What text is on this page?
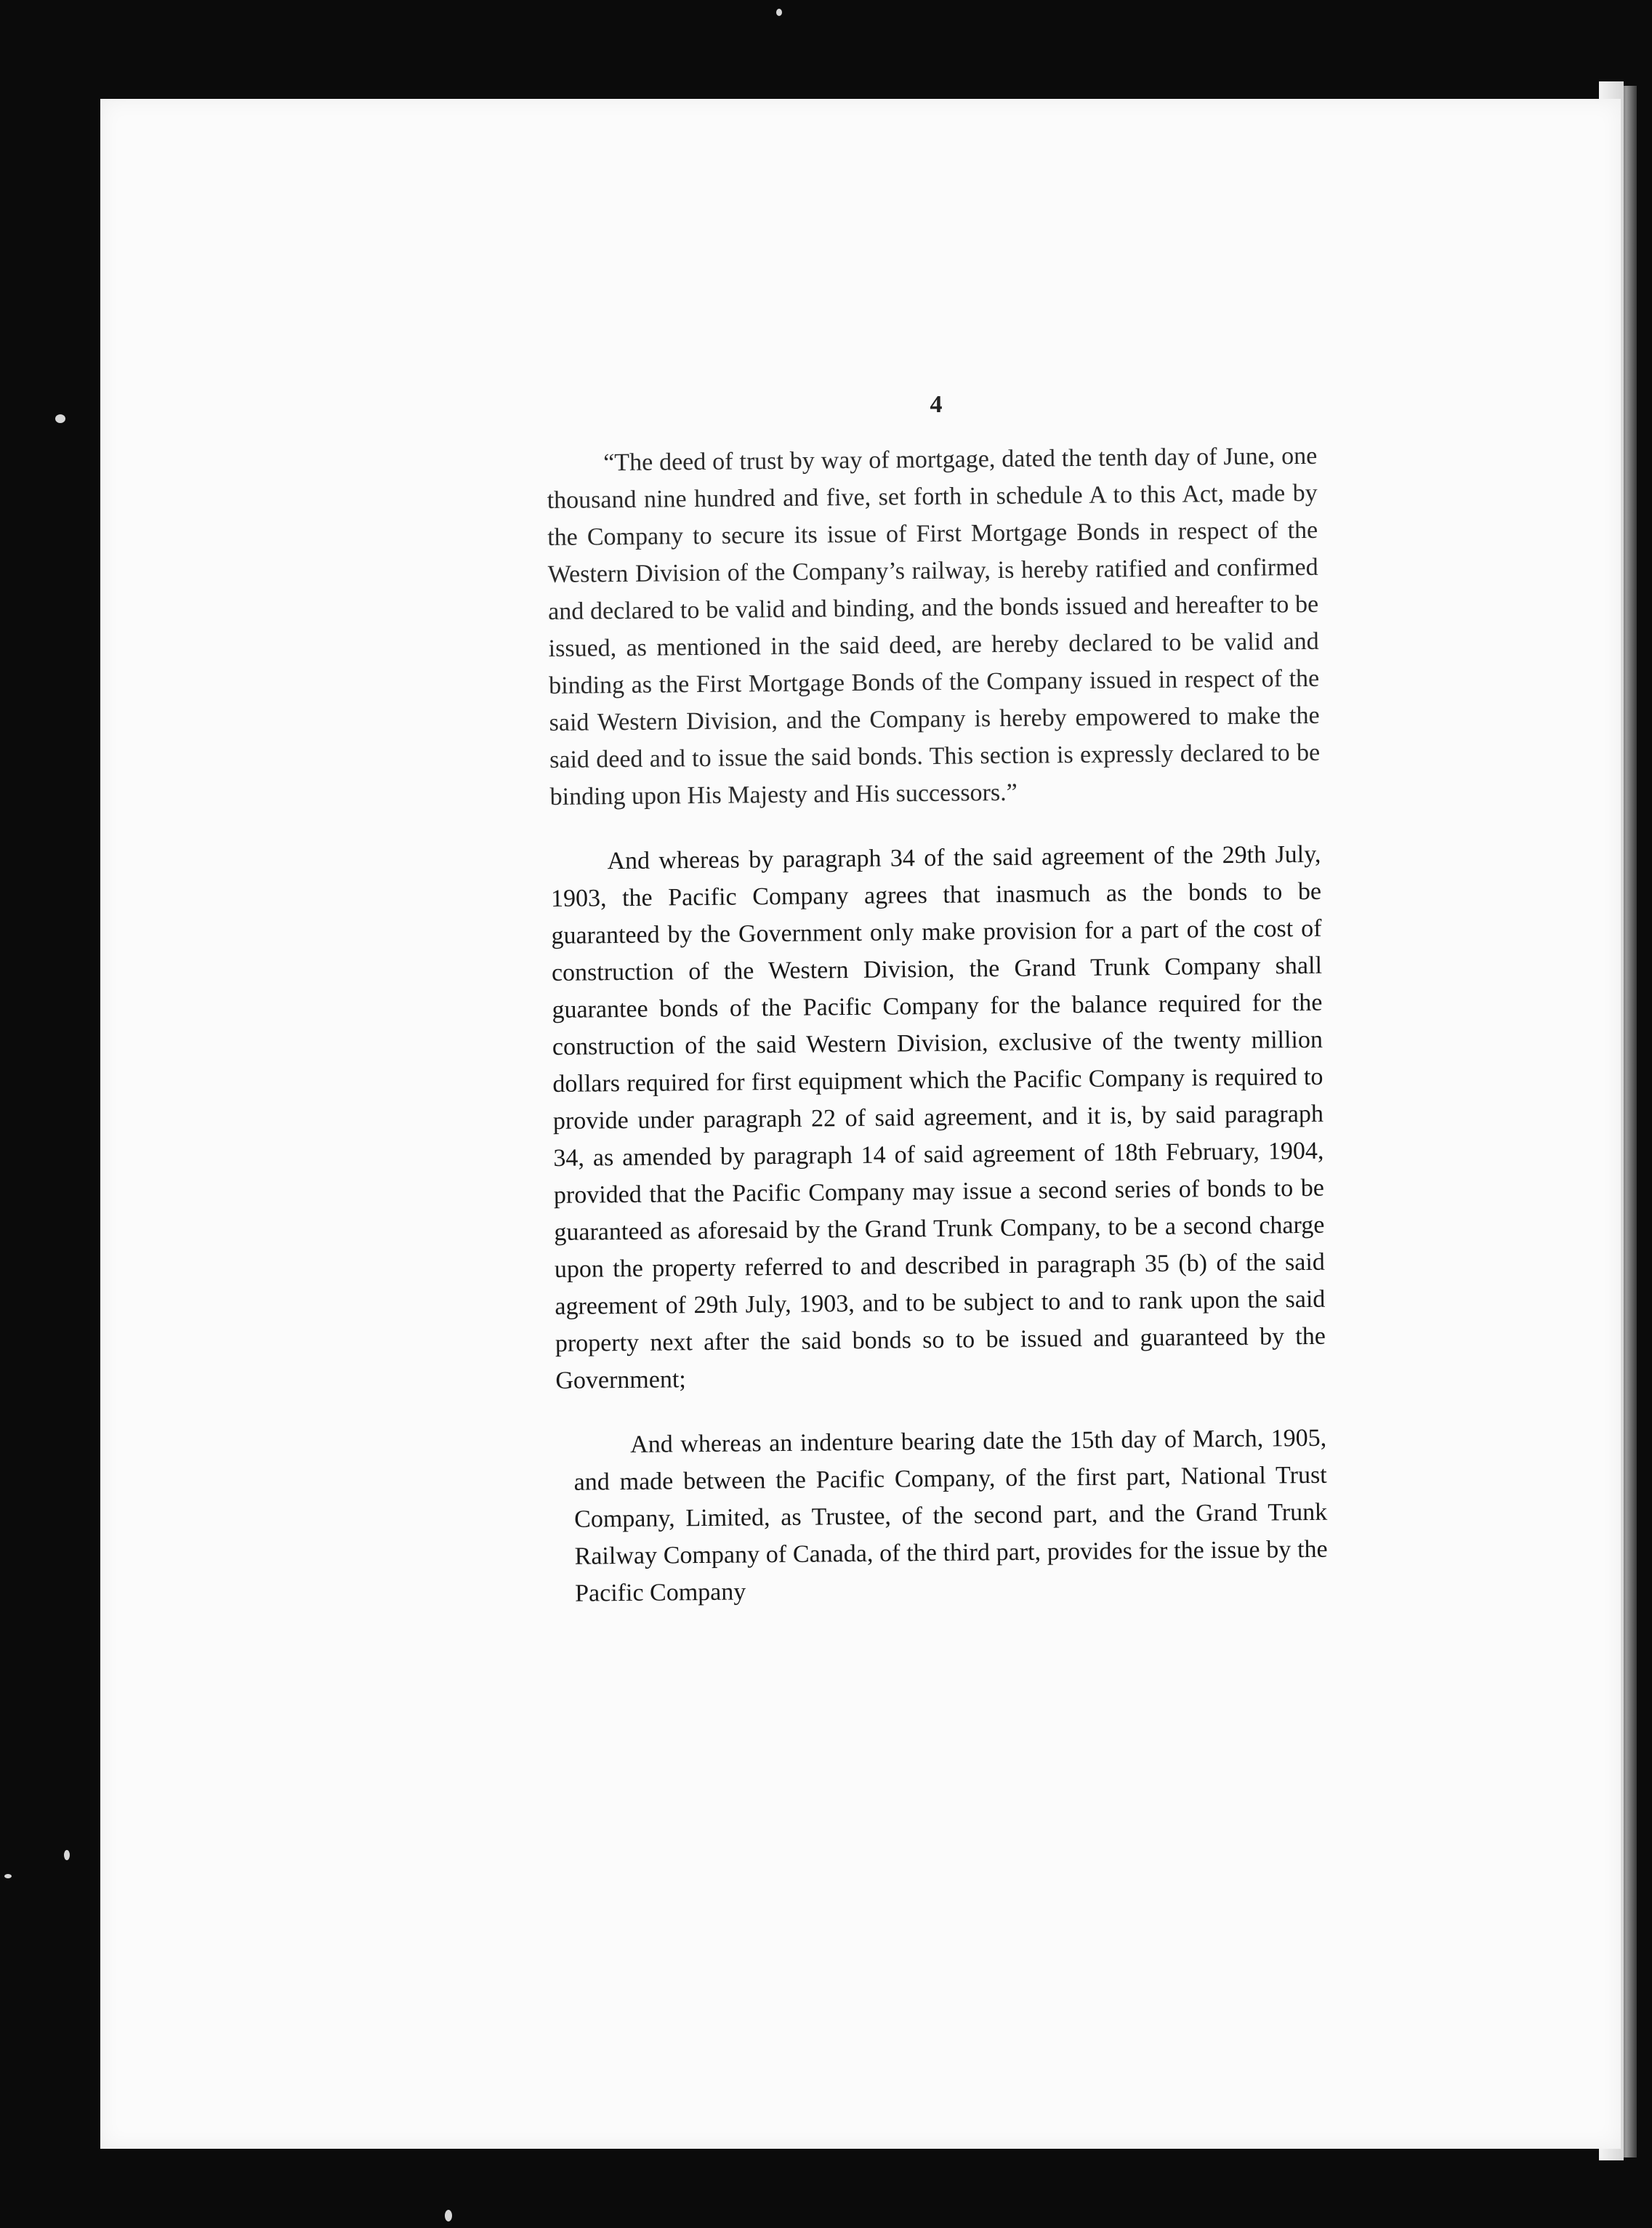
4

“The deed of trust by way of mortgage, dated the tenth day of June, one thousand nine hundred and five, set forth in schedule A to this Act, made by the Company to secure its issue of First Mortgage Bonds in respect of the Western Division of the Company’s railway, is hereby ratified and confirmed and declared to be valid and binding, and the bonds issued and hereafter to be issued, as mentioned in the said deed, are hereby declared to be valid and binding as the First Mortgage Bonds of the Company issued in respect of the said Western Division, and the Company is hereby empowered to make the said deed and to issue the said bonds. This section is expressly declared to be binding upon His Majesty and His successors.”

And whereas by paragraph 34 of the said agreement of the 29th July, 1903, the Pacific Company agrees that inasmuch as the bonds to be guaranteed by the Government only make provision for a part of the cost of construction of the Western Division, the Grand Trunk Company shall guarantee bonds of the Pacific Company for the balance required for the construction of the said Western Division, exclusive of the twenty million dollars required for first equipment which the Pacific Company is required to provide under paragraph 22 of said agreement, and it is, by said paragraph 34, as amended by paragraph 14 of said agreement of 18th February, 1904, provided that the Pacific Company may issue a second series of bonds to be guaranteed as aforesaid by the Grand Trunk Company, to be a second charge upon the property referred to and described in paragraph 35 (b) of the said agreement of 29th July, 1903, and to be subject to and to rank upon the said property next after the said bonds so to be issued and guaranteed by the Government;

And whereas an indenture bearing date the 15th day of March, 1905, and made between the Pacific Company, of the first part, National Trust Company, Limited, as Trustee, of the second part, and the Grand Trunk Railway Company of Canada, of the third part, provides for the issue by the Pacific Company
